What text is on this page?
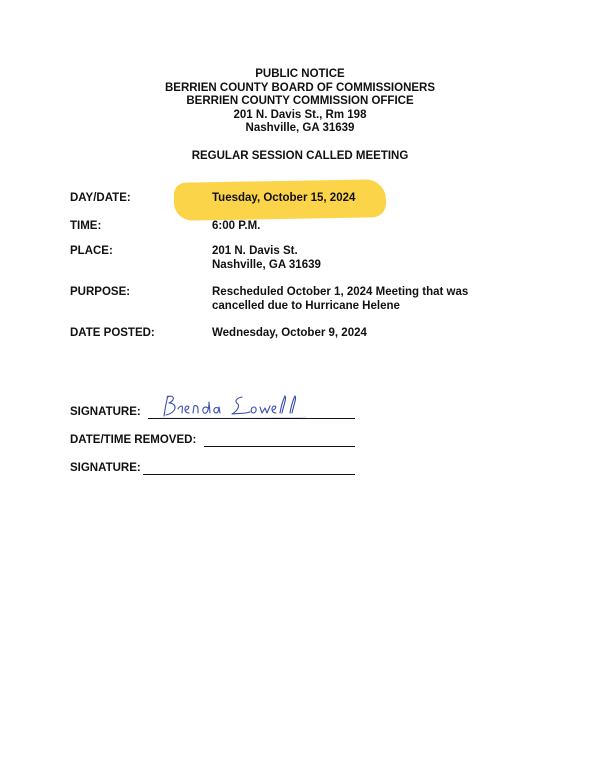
PUBLIC NOTICE
BERRIEN COUNTY BOARD OF COMMISSIONERS
BERRIEN COUNTY COMMISSION OFFICE
201 N. Davis St., Rm 198
Nashville, GA 31639
REGULAR SESSION CALLED MEETING
DAY/DATE:	Tuesday, October 15, 2024
TIME:	6:00 P.M.
PLACE:	201 N. Davis St.
Nashville, GA 31639
PURPOSE:	Rescheduled October 1, 2024 Meeting that was
cancelled due to Hurricane Helene
DATE POSTED:	Wednesday, October 9, 2024
SIGNATURE:
DATE/TIME REMOVED:
SIGNATURE:
